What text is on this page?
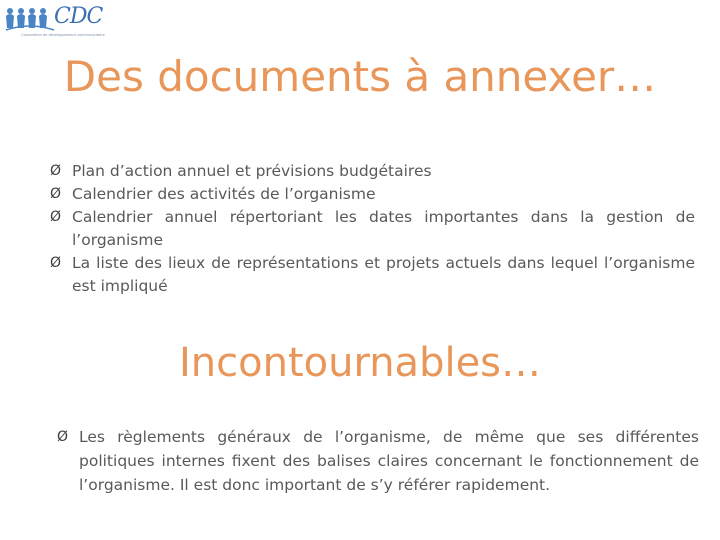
CDC
Corporation de développement communautaire
Des documents à annexer…
Ø Plan d’action annuel et prévisions budgétaires
Ø Calendrier des activités de l’organisme
Ø Calendrier annuel répertoriant les dates importantes dans la gestion de l’organisme
Ø La liste des lieux de représentations et projets actuels dans lequel l’organisme est impliqué
Incontournables…
Ø Les règlements généraux de l’organisme, de même que ses différentes politiques internes fixent des balises claires concernant le fonctionnement de l’organisme. Il est donc important de s’y référer rapidement.
